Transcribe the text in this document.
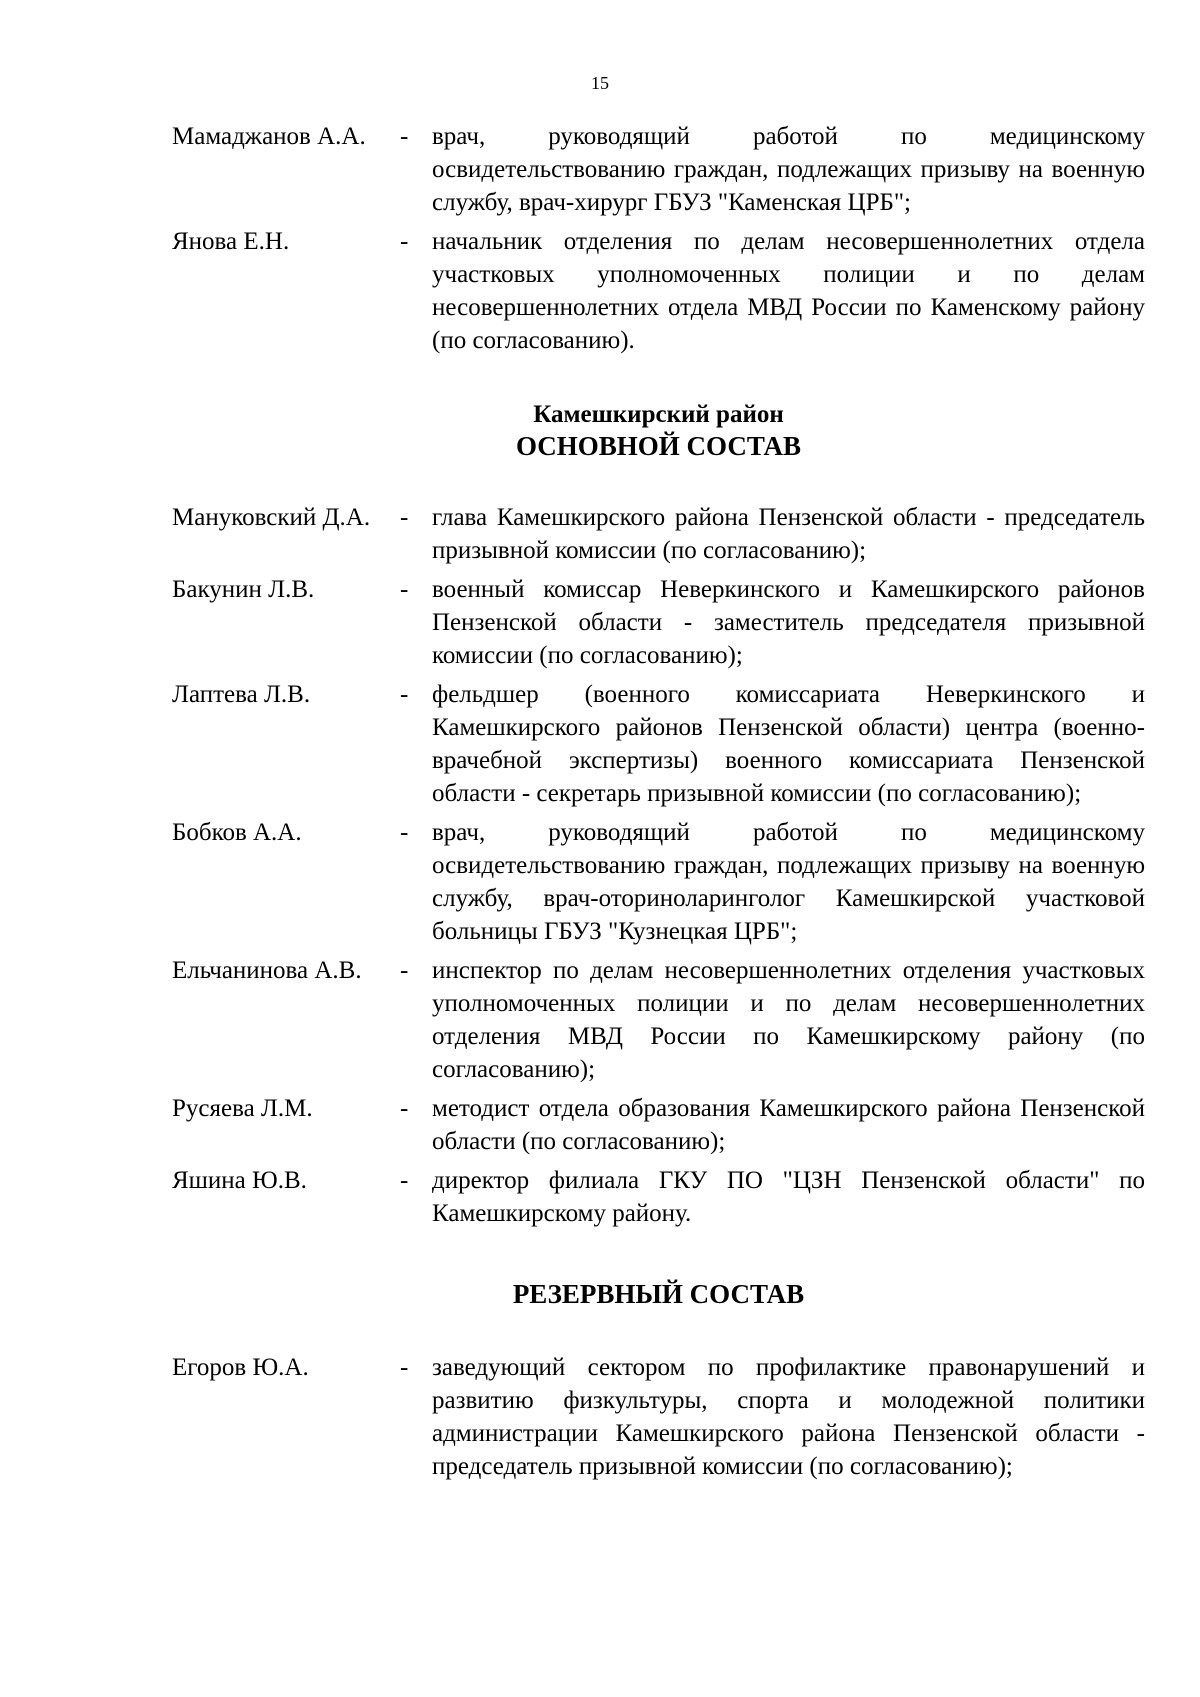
15
Мамаджанов А.А.	- врач, руководящий работой по медицинскому освидетельствованию граждан, подлежащих призыву на военную службу, врач-хирург ГБУЗ "Каменская ЦРБ";
Янова Е.Н.	- начальник отделения по делам несовершеннолетних отдела участковых уполномоченных полиции и по делам несовершеннолетних отдела МВД России по Каменскому району (по согласованию).
Камешкирский район
ОСНОВНОЙ СОСТАВ
Мануковский Д.А.	- глава Камешкирского района Пензенской области - председатель призывной комиссии (по согласованию);
Бакунин Л.В.	- военный комиссар Неверкинского и Камешкирского районов Пензенской области - заместитель председателя призывной комиссии (по согласованию);
Лаптева Л.В.	- фельдшер (военного комиссариата Неверкинского и Камешкирского районов Пензенской области) центра (военно-врачебной экспертизы) военного комиссариата Пензенской области - секретарь призывной комиссии (по согласованию);
Бобков А.А.	- врач, руководящий работой по медицинскому освидетельствованию граждан, подлежащих призыву на военную службу, врач-оториноларинголог Камешкирской участковой больницы ГБУЗ "Кузнецкая ЦРБ";
Ельчанинова А.В.	- инспектор по делам несовершеннолетних отделения участковых уполномоченных полиции и по делам несовершеннолетних отделения МВД России по Камешкирскому району (по согласованию);
Русяева Л.М.	- методист отдела образования Камешкирского района Пензенской области (по согласованию);
Яшина Ю.В.	- директор филиала ГКУ ПО "ЦЗН Пензенской области" по Камешкирскому району.
РЕЗЕРВНЫЙ СОСТАВ
Егоров Ю.А.	- заведующий сектором по профилактике правонарушений и развитию физкультуры, спорта и молодежной политики администрации Камешкирского района Пензенской области - председатель призывной комиссии (по согласованию);
